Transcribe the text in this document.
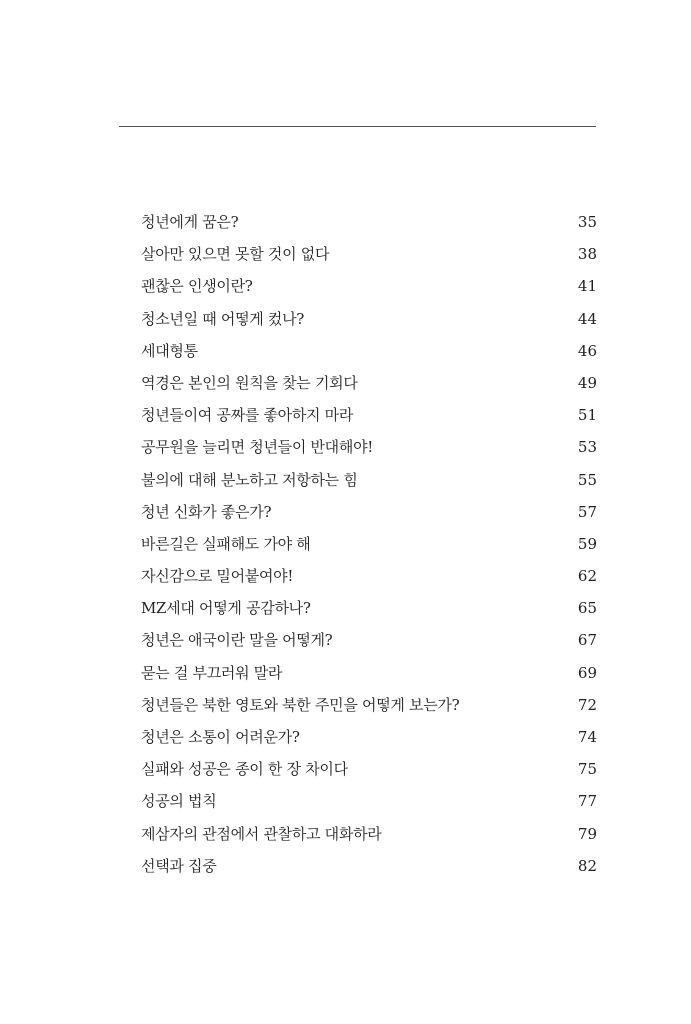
청년에게 꿈은?	35
살아만 있으면 못할 것이 없다	38
괜찮은 인생이란?	41
청소년일 때 어떻게 컸나?	44
세대형통	46
역경은 본인의 원칙을 찾는 기회다	49
청년들이여 공짜를 좋아하지 마라	51
공무원을 늘리면 청년들이 반대해야!	53
불의에 대해 분노하고 저항하는 힘	55
청년 신화가 좋은가?	57
바른길은 실패해도 가야 해	59
자신감으로 밀어붙여야!	62
MZ세대 어떻게 공감하나?	65
청년은 애국이란 말을 어떻게?	67
묻는 걸 부끄러워 말라	69
청년들은 북한 영토와 북한 주민을 어떻게 보는가?	72
청년은 소통이 어려운가?	74
실패와 성공은 종이 한 장 차이다	75
성공의 법칙	77
제삼자의 관점에서 관찰하고 대화하라	79
선택과 집중	82
